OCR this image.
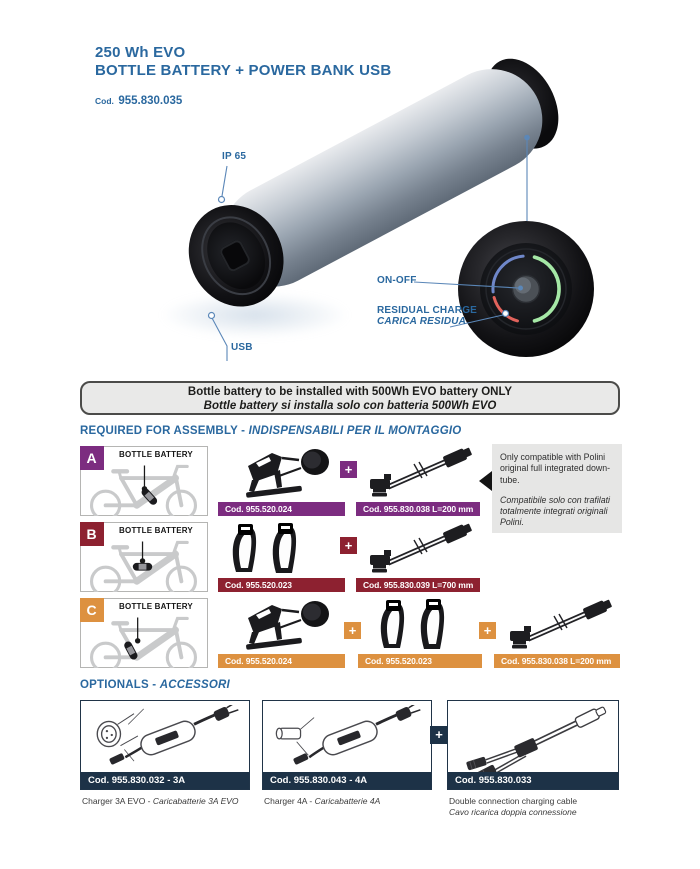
250 Wh EVO
BOTTLE BATTERY + POWER BANK USB
Cod. 955.830.035
IP 65
USB
ON-OFF
RESIDUAL CHARGE
CARICA RESIDUA
Bottle battery to be installed with 500Wh EVO battery ONLY
Bottle battery si installa solo con batteria 500Wh EVO
REQUIRED FOR ASSEMBLY - INDISPENSABILI PER IL MONTAGGIO
A	BOTTLE BATTERY
Cod. 955.520.024	Cod. 955.830.038 L=200 mm
+
B	BOTTLE BATTERY
Cod. 955.520.023	Cod. 955.830.039 L=700 mm
+
C	BOTTLE BATTERY
Cod. 955.520.024	Cod. 955.520.023	Cod. 955.830.038 L=200 mm
+	+
Only compatible with Polini original full integrated down-tube.
Compatibile solo con trafilati totalmente integrati originali Polini.
OPTIONALS - ACCESSORI
Cod. 955.830.032 - 3A
Charger 3A EVO - Caricabatterie 3A EVO
Cod. 955.830.043 - 4A
Charger 4A - Caricabatterie 4A
Cod. 955.830.033
Double connection charging cable
Cavo ricarica doppia connessione
+
